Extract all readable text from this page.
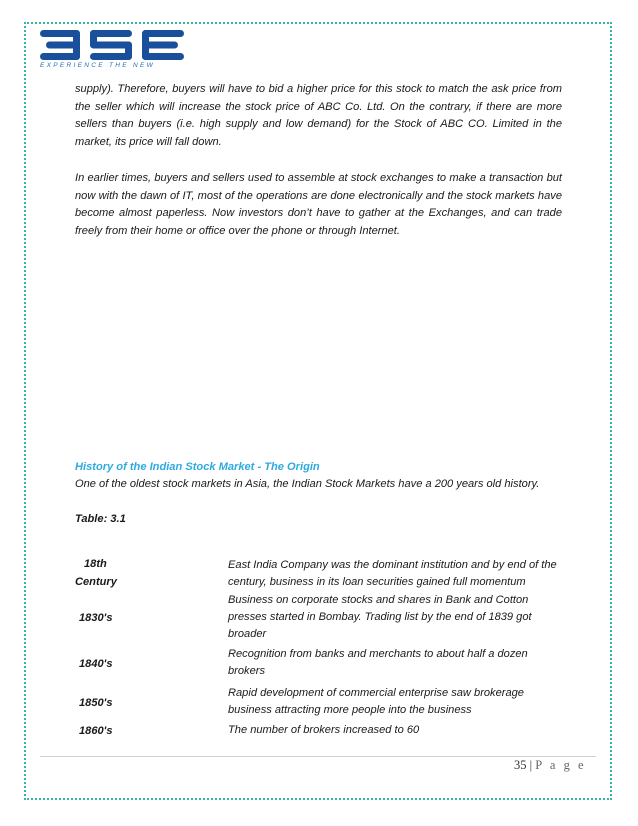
EXPERIENCE THE NEW
supply). Therefore, buyers will have to bid a higher price for this stock to match the ask price from the seller which will increase the stock price of ABC Co. Ltd. On the contrary, if there are more sellers than buyers (i.e. high supply and low demand) for the Stock of ABC CO. Limited in the market, its price will fall down.
In earlier times, buyers and sellers used to assemble at stock exchanges to make a transaction but now with the dawn of IT, most of the operations are done electronically and the stock markets have become almost paperless. Now investors don’t have to gather at the Exchanges, and can trade freely from their home or office over the phone or through Internet.
History of the Indian Stock Market - The Origin
One of the oldest stock markets in Asia, the Indian Stock Markets have a 200 years old history.
Table: 3.1
18th
Century
East India Company was the dominant institution and by end of the century, business in its loan securities gained full momentum
1830's
Business on corporate stocks and shares in Bank and Cotton presses started in Bombay. Trading list by the end of 1839 got broader
1840's
Recognition from banks and merchants to about half a dozen brokers
1850's
Rapid development of commercial enterprise saw brokerage business attracting more people into the business
1860's	The number of brokers increased to 60
35 | P a g e
